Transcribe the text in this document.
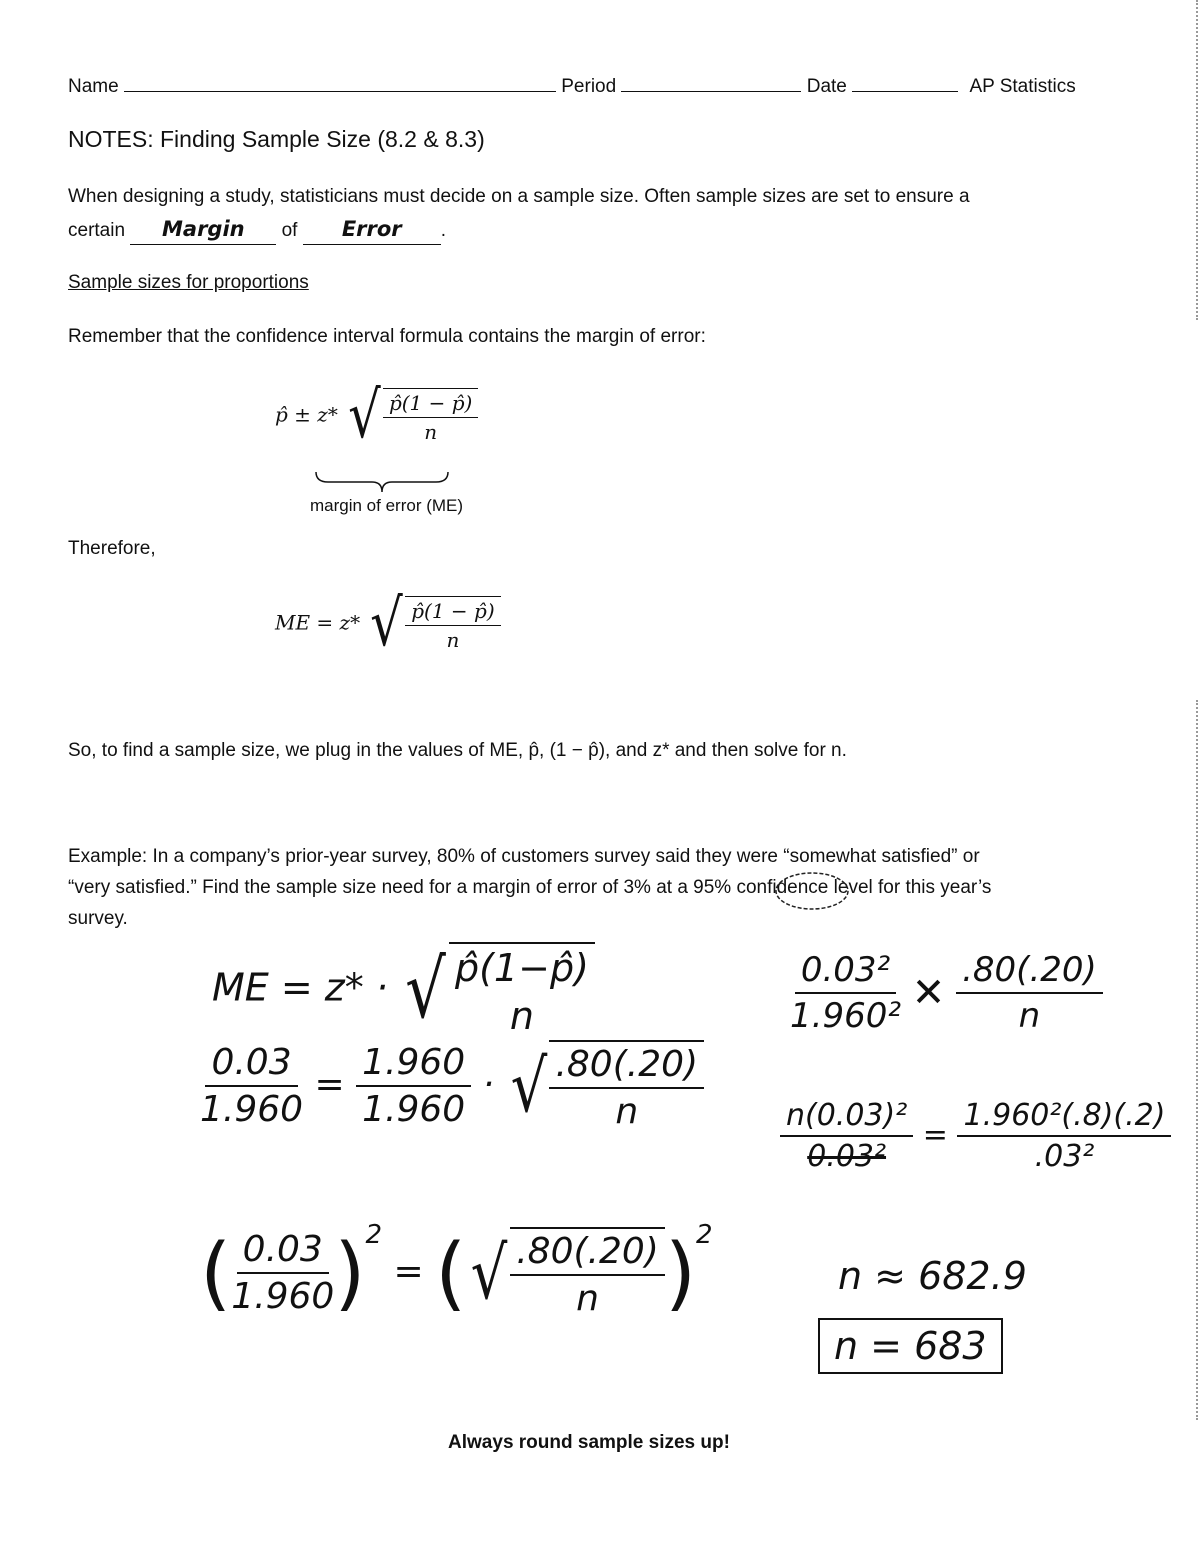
Name	Period	Date	AP Statistics
NOTES: Finding Sample Size (8.2 & 8.3)
When designing a study, statisticians must decide on a sample size. Often sample sizes are set to ensure a
certain Margin of Error .
Sample sizes for proportions
Remember that the confidence interval formula contains the margin of error:
p̂ ± z* √ $\frac{p̂(1 - p̂)}{n}$
margin of error (ME)
Therefore,
ME = z* √ $\frac{p̂(1 - p̂)}{n}$
So, to find a sample size, we plug in the values of ME, p̂, (1 − p̂), and z* and then solve for n.
Example: In a company’s prior-year survey, 80% of customers survey said they were “somewhat satisfied” or
“very satisfied.” Find the sample size need for a margin of error of 3% at a 95% confidence level for this year’s
survey.
ME = z* · √ p̂(1−p̂)
n
$\frac{0.03}{1.960} = \frac{1.960}{1.960}$ · √ $\frac{.80(.20)}{n}$
( $\frac{0.03}{1.960} )^2$ = ( √ $\frac{.80(.20)}{n} )^2$
$\frac{\text{0.03²}}{\text{1.960²}}$ ✕ $\frac{.80(.20)}{n}$
$\frac{\text{n(0.03)²}}{\text{0.03²}} = \frac{\text{1.960²(.8)(.2)}}{\text{.03²}}$
n ≈ 682.9
n = 683
Always round sample sizes up!
